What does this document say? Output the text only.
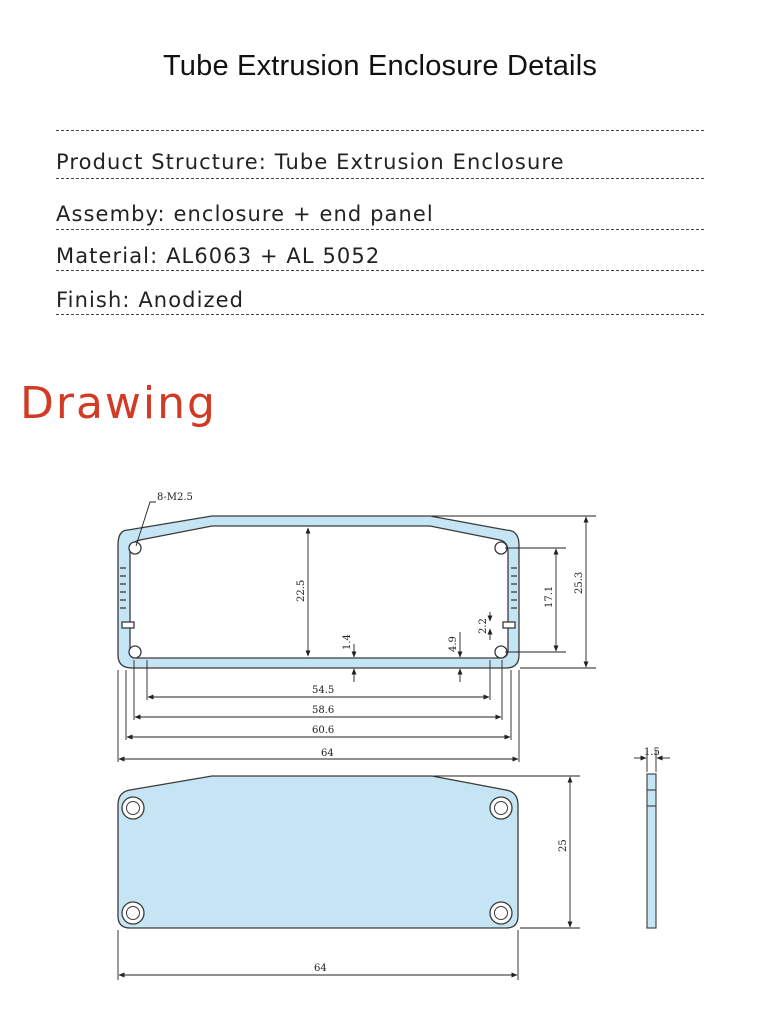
Tube Extrusion Enclosure Details
Product Structure: Tube Extrusion Enclosure
Assemby: enclosure + end panel
Material: AL6063 + AL 5052
Finish: Anodized
Drawing
8-M2.5
22.5	25.3
17.1
1.4	4.9
2.2
54.5
58.6
60.6
64
25
64
1.5
